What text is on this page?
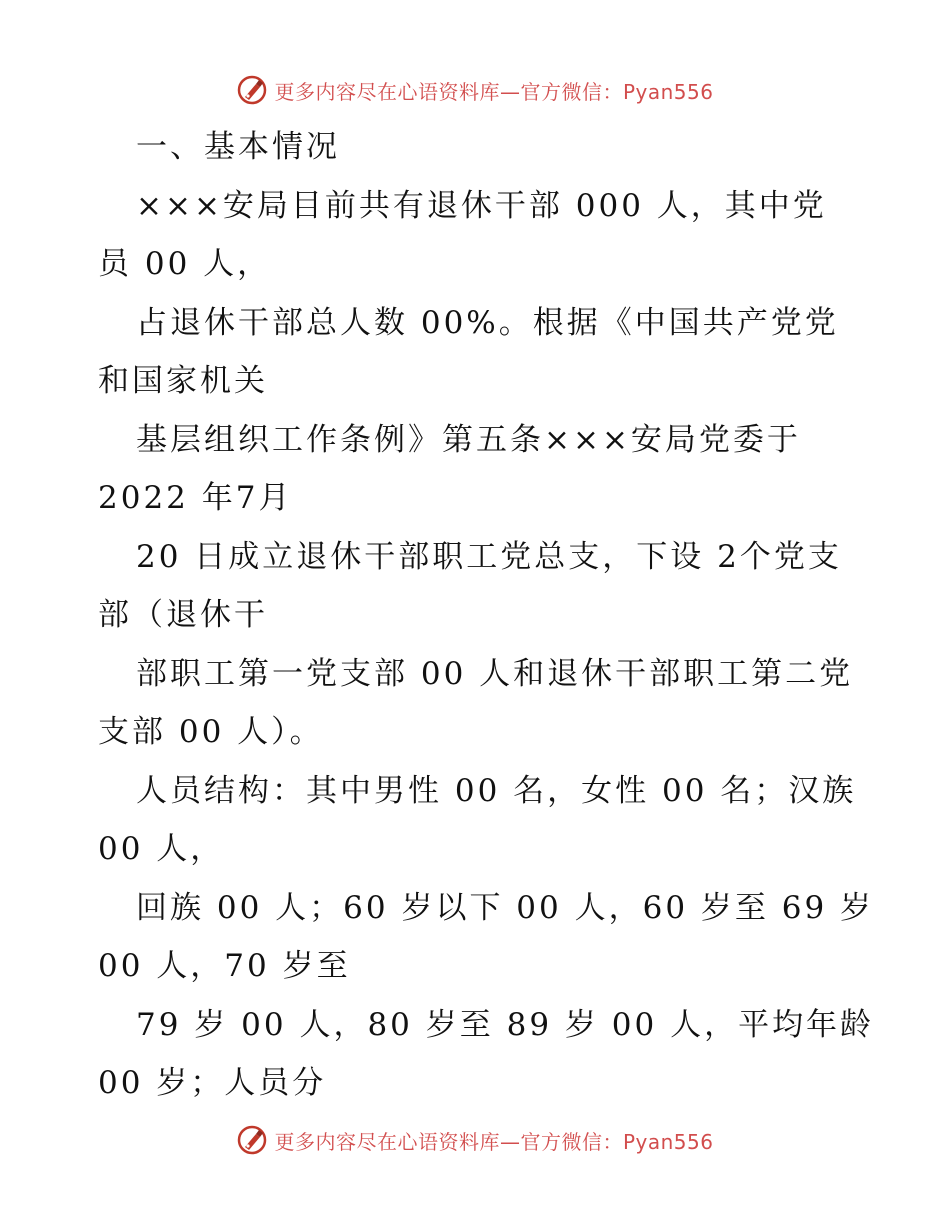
更多内容尽在心语资料库—官方微信：Pyan556
一、基本情况
×××安局目前共有退休干部 000 人，其中党
员 00 人，
占退休干部总人数 00%。根据《中国共产党党
和国家机关
基层组织工作条例》第五条×××安局党委于
2022 年7月
20 日成立退休干部职工党总支，下设 2个党支
部（退休干
部职工第一党支部 00 人和退休干部职工第二党
支部 00 人）。
人员结构：其中男性 00 名，女性 00 名；汉族
00 人，
回族 00 人；60 岁以下 00 人，60 岁至 69 岁
00 人，70 岁至
79 岁 00 人，80 岁至 89 岁 00 人，平均年龄
00 岁；人员分
更多内容尽在心语资料库—官方微信：Pyan556
